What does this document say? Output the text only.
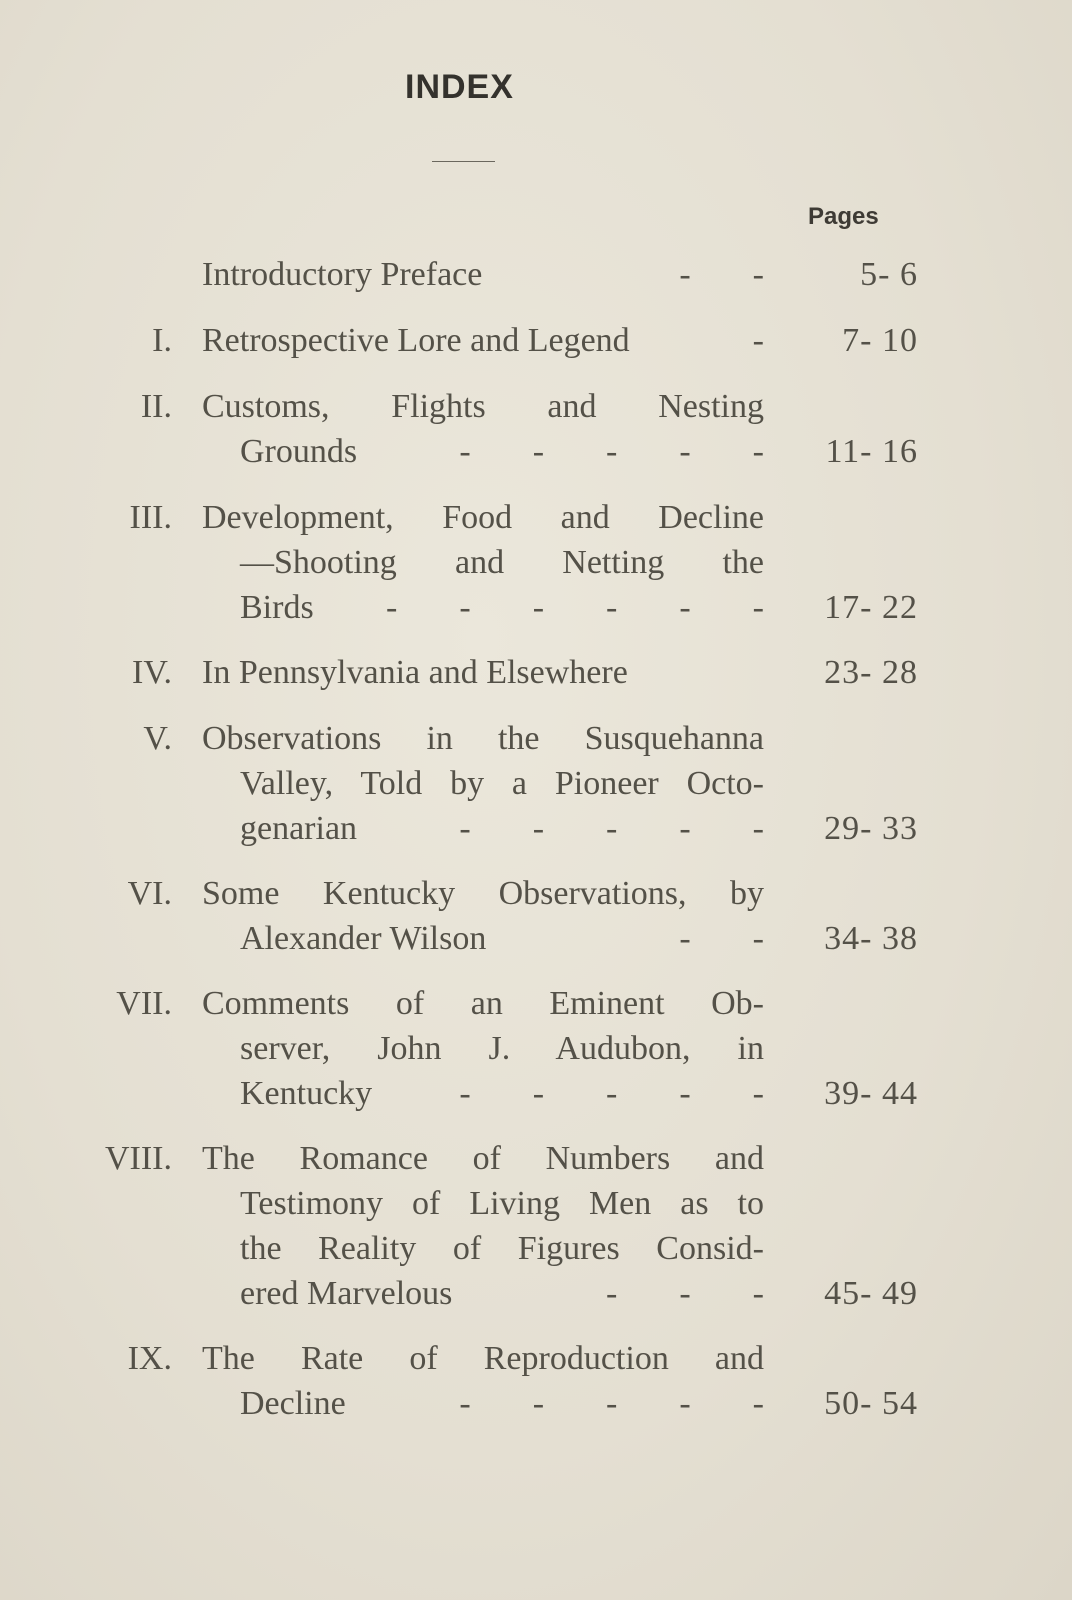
INDEX
Pages
Introductory Preface	- -	5- 6
I. Retrospective Lore and Legend	- 7- 10
II. Customs, Flights and Nesting
Grounds	- - - - - 11- 16
III. Development, Food and Decline
—Shooting and Netting the
Birds - - - - - - 17- 22
IV. In Pennsylvania and Elsewhere	23- 28
V. Observations in the Susquehanna
Valley, Told by a Pioneer Octo-
genarian	- - - - - 29- 33
VI. Some Kentucky Observations, by
Alexander Wilson	- - 34- 38
VII. Comments of an Eminent Ob-
server, John J. Audubon, in
Kentucky	- - - - - 39- 44
VIII. The Romance of Numbers and
Testimony of Living Men as to
the Reality of Figures Consid-
ered Marvelous	- - - 45- 49
IX. The Rate of Reproduction and
Decline	- - - - - 50- 54
